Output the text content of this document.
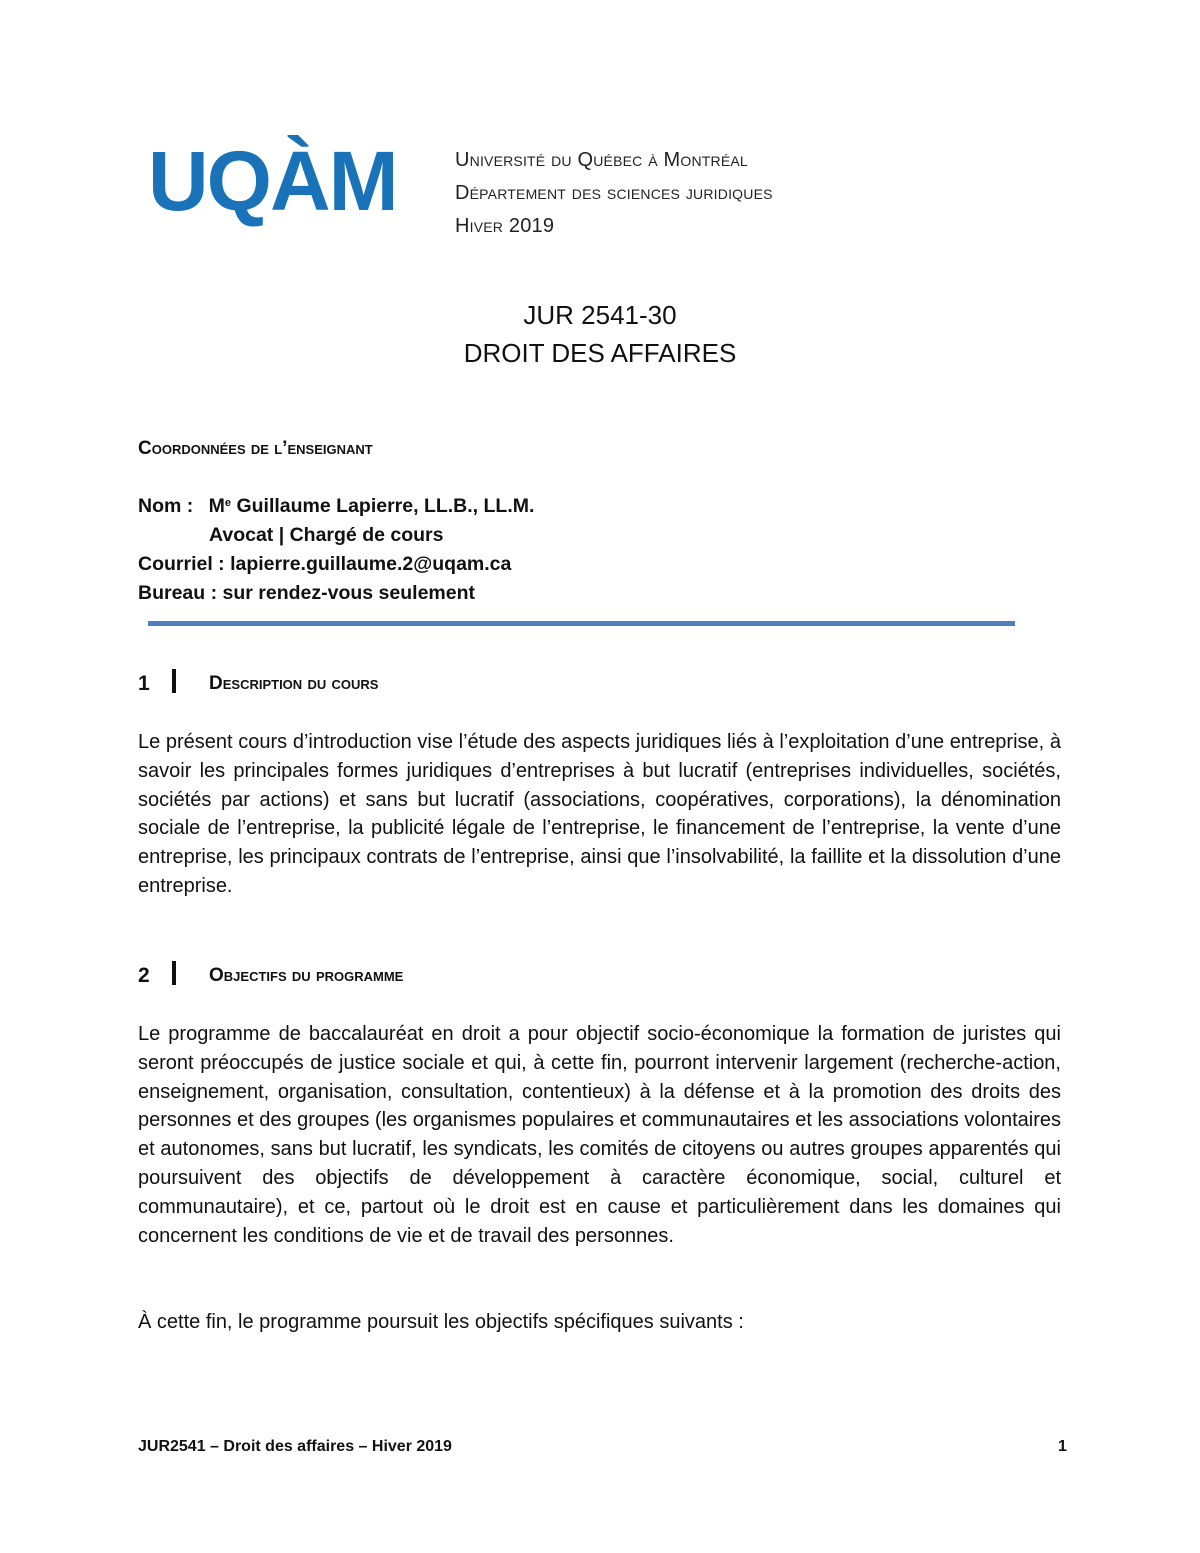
UQÀM	Université du Québec à Montréal
Département des sciences juridiques
Hiver 2019
JUR 2541-30
DROIT DES AFFAIRES
Coordonnées de l’enseignant
Nom : Me Guillaume Lapierre, LL.B., LL.M.
Avocat | Chargé de cours
Courriel : lapierre.guillaume.2@uqam.ca
Bureau : sur rendez-vous seulement
1	Description du cours
Le présent cours d’introduction vise l’étude des aspects juridiques liés à l’exploitation d’une entreprise, à savoir les principales formes juridiques d’entreprises à but lucratif (entreprises individuelles, sociétés, sociétés par actions) et sans but lucratif (associations, coopératives, corporations), la dénomination sociale de l’entreprise, la publicité légale de l’entreprise, le financement de l’entreprise, la vente d’une entreprise, les principaux contrats de l’entreprise, ainsi que l’insolvabilité, la faillite et la dissolution d’une entreprise.
2	Objectifs du programme
Le programme de baccalauréat en droit a pour objectif socio-économique la formation de juristes qui seront préoccupés de justice sociale et qui, à cette fin, pourront intervenir largement (recherche-action, enseignement, organisation, consultation, contentieux) à la défense et à la promotion des droits des personnes et des groupes (les organismes populaires et communautaires et les associations volontaires et autonomes, sans but lucratif, les syndicats, les comités de citoyens ou autres groupes apparentés qui poursuivent des objectifs de développement à caractère économique, social, culturel et communautaire), et ce, partout où le droit est en cause et particulièrement dans les domaines qui concernent les conditions de vie et de travail des personnes.
À cette fin, le programme poursuit les objectifs spécifiques suivants :
JUR2541 – Droit des affaires – Hiver 2019	1
